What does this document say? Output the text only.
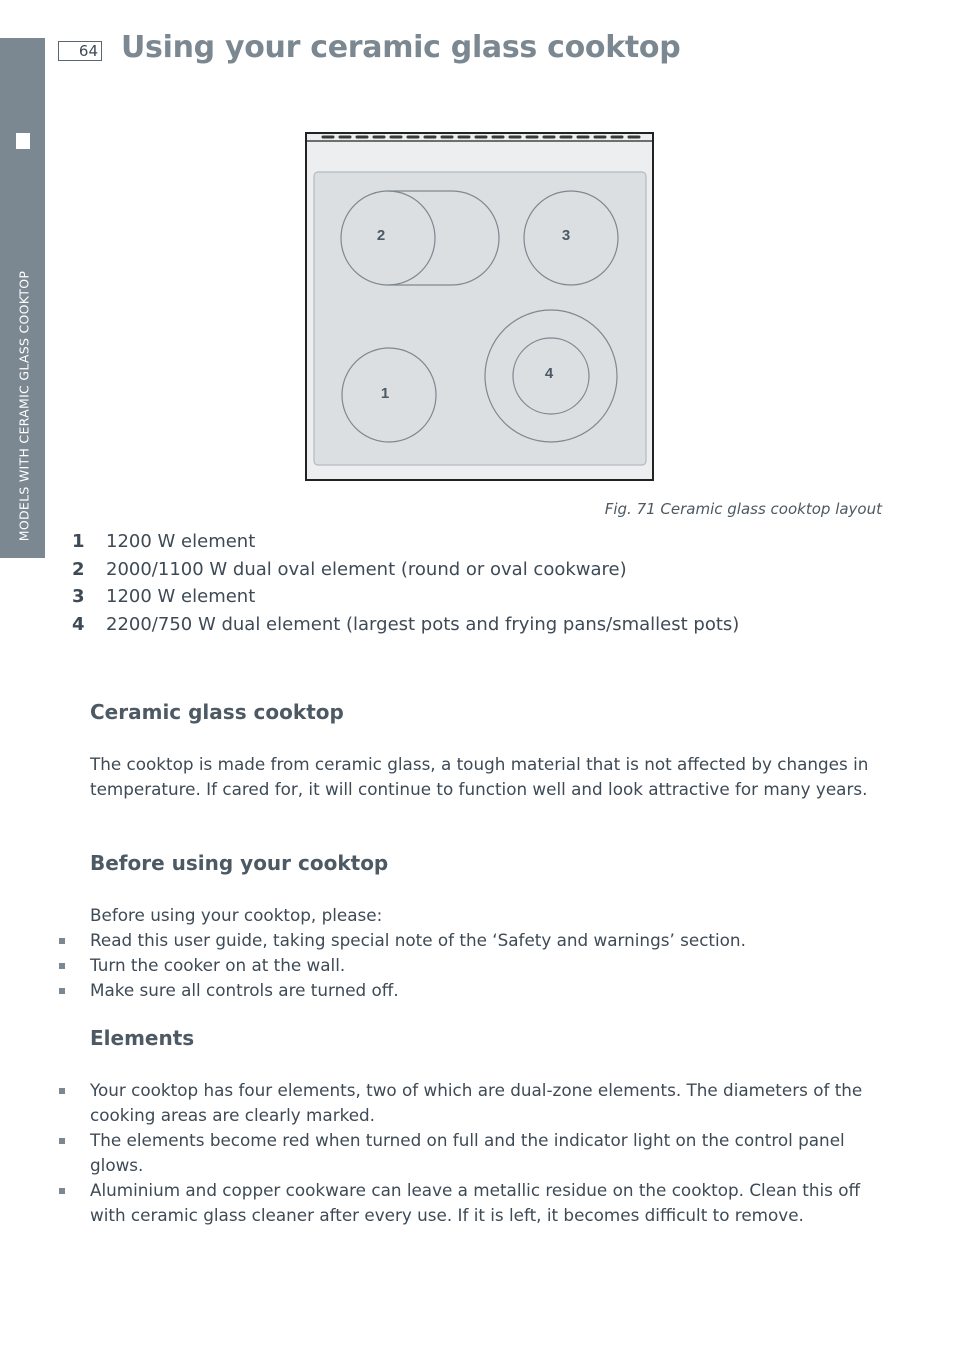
MODELS WITH CERAMIC GLASS COOKTOP
64 Using your ceramic glass cooktop
2	3
1
4
Fig. 71 Ceramic glass cooktop layout
1 1200 W element
2 2000/1100 W dual oval element (round or oval cookware)
3 1200 W element
4 2200/750 W dual element (largest pots and frying pans/smallest pots)
Ceramic glass cooktop

The cooktop is made from ceramic glass, a tough material that is not affected by changes in temperature. If cared for, it will continue to function well and look attractive for many years.

Before using your cooktop

Before using your cooktop, please:

Read this user guide, taking special note of the ‘Safety and warnings’ section.
Turn the cooker on at the wall.
Make sure all controls are turned off.
Elements
Your cooktop has four elements, two of which are dual-zone elements. The diameters of the cooking areas are clearly marked.
The elements become red when turned on full and the indicator light on the control panel glows.
Aluminium and copper cookware can leave a metallic residue on the cooktop. Clean this off with ceramic glass cleaner after every use. If it is left, it becomes difficult to remove.
